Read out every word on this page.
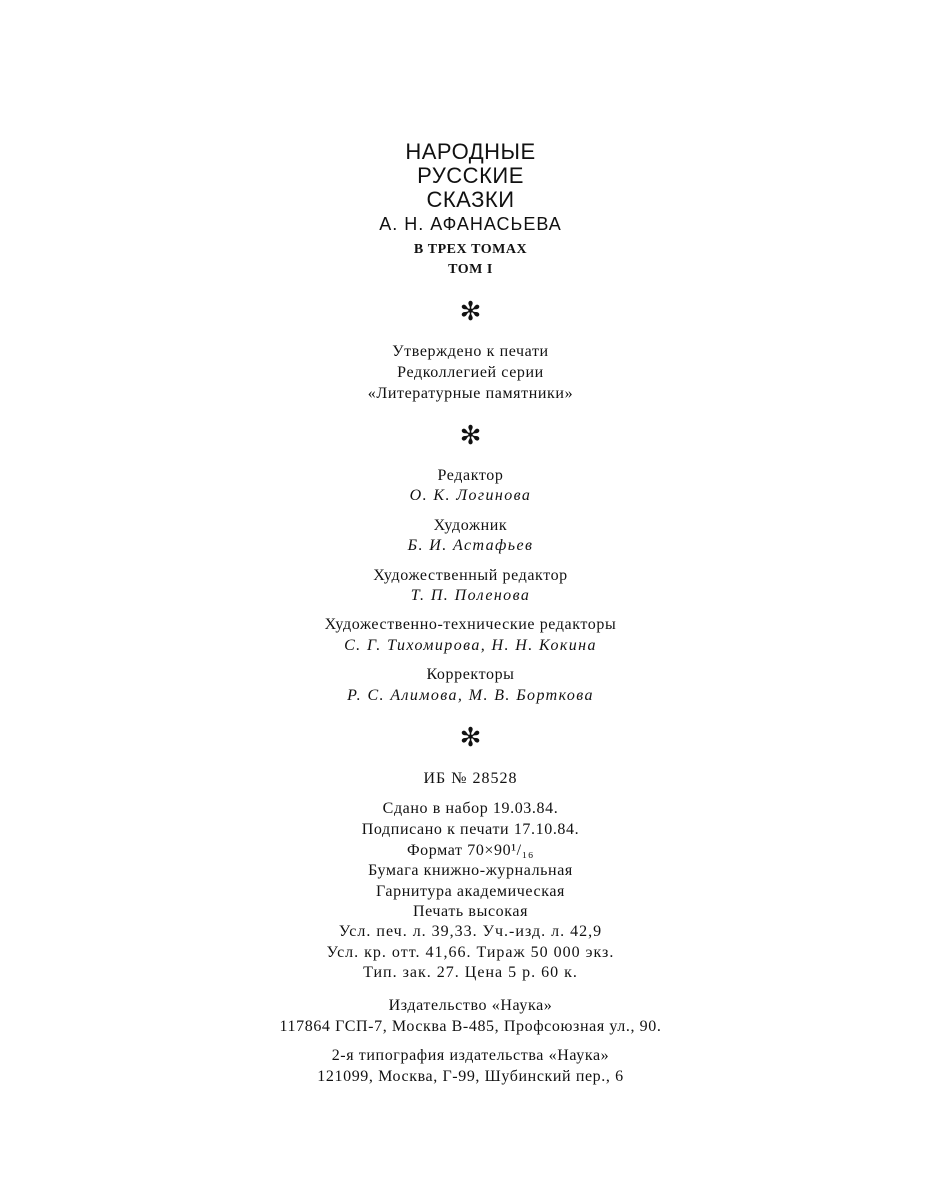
НАРОДНЫЕ
РУССКИЕ
СКАЗКИ
А. Н. АФАНАСЬЕВА
В ТРЕХ ТОМАХ
ТОМ I
✻
Утверждено к печати
Редколлегией серии
«Литературные памятники»
✻
Редактор
О. К. Логинова
Художник
Б. И. Астафьев
Художественный редактор
Т. П. Поленова
Художественно-технические редакторы
С. Г. Тихомирова, Н. Н. Кокина
Корректоры
Р. С. Алимова, М. В. Борткова
✻
ИБ № 28528
Сдано в набор 19.03.84.
Подписано к печати 17.10.84.
Формат 70×90¹/₁₆
Бумага книжно-журнальная
Гарнитура академическая
Печать высокая
Усл. печ. л. 39,33. Уч.-изд. л. 42,9
Усл. кр. отт. 41,66. Тираж 50 000 экз.
Тип. зак. 27. Цена 5 р. 60 к.
Издательство «Наука»
117864 ГСП-7, Москва В-485, Профсоюзная ул., 90.
2-я типография издательства «Наука»
121099, Москва, Г-99, Шубинский пер., 6
